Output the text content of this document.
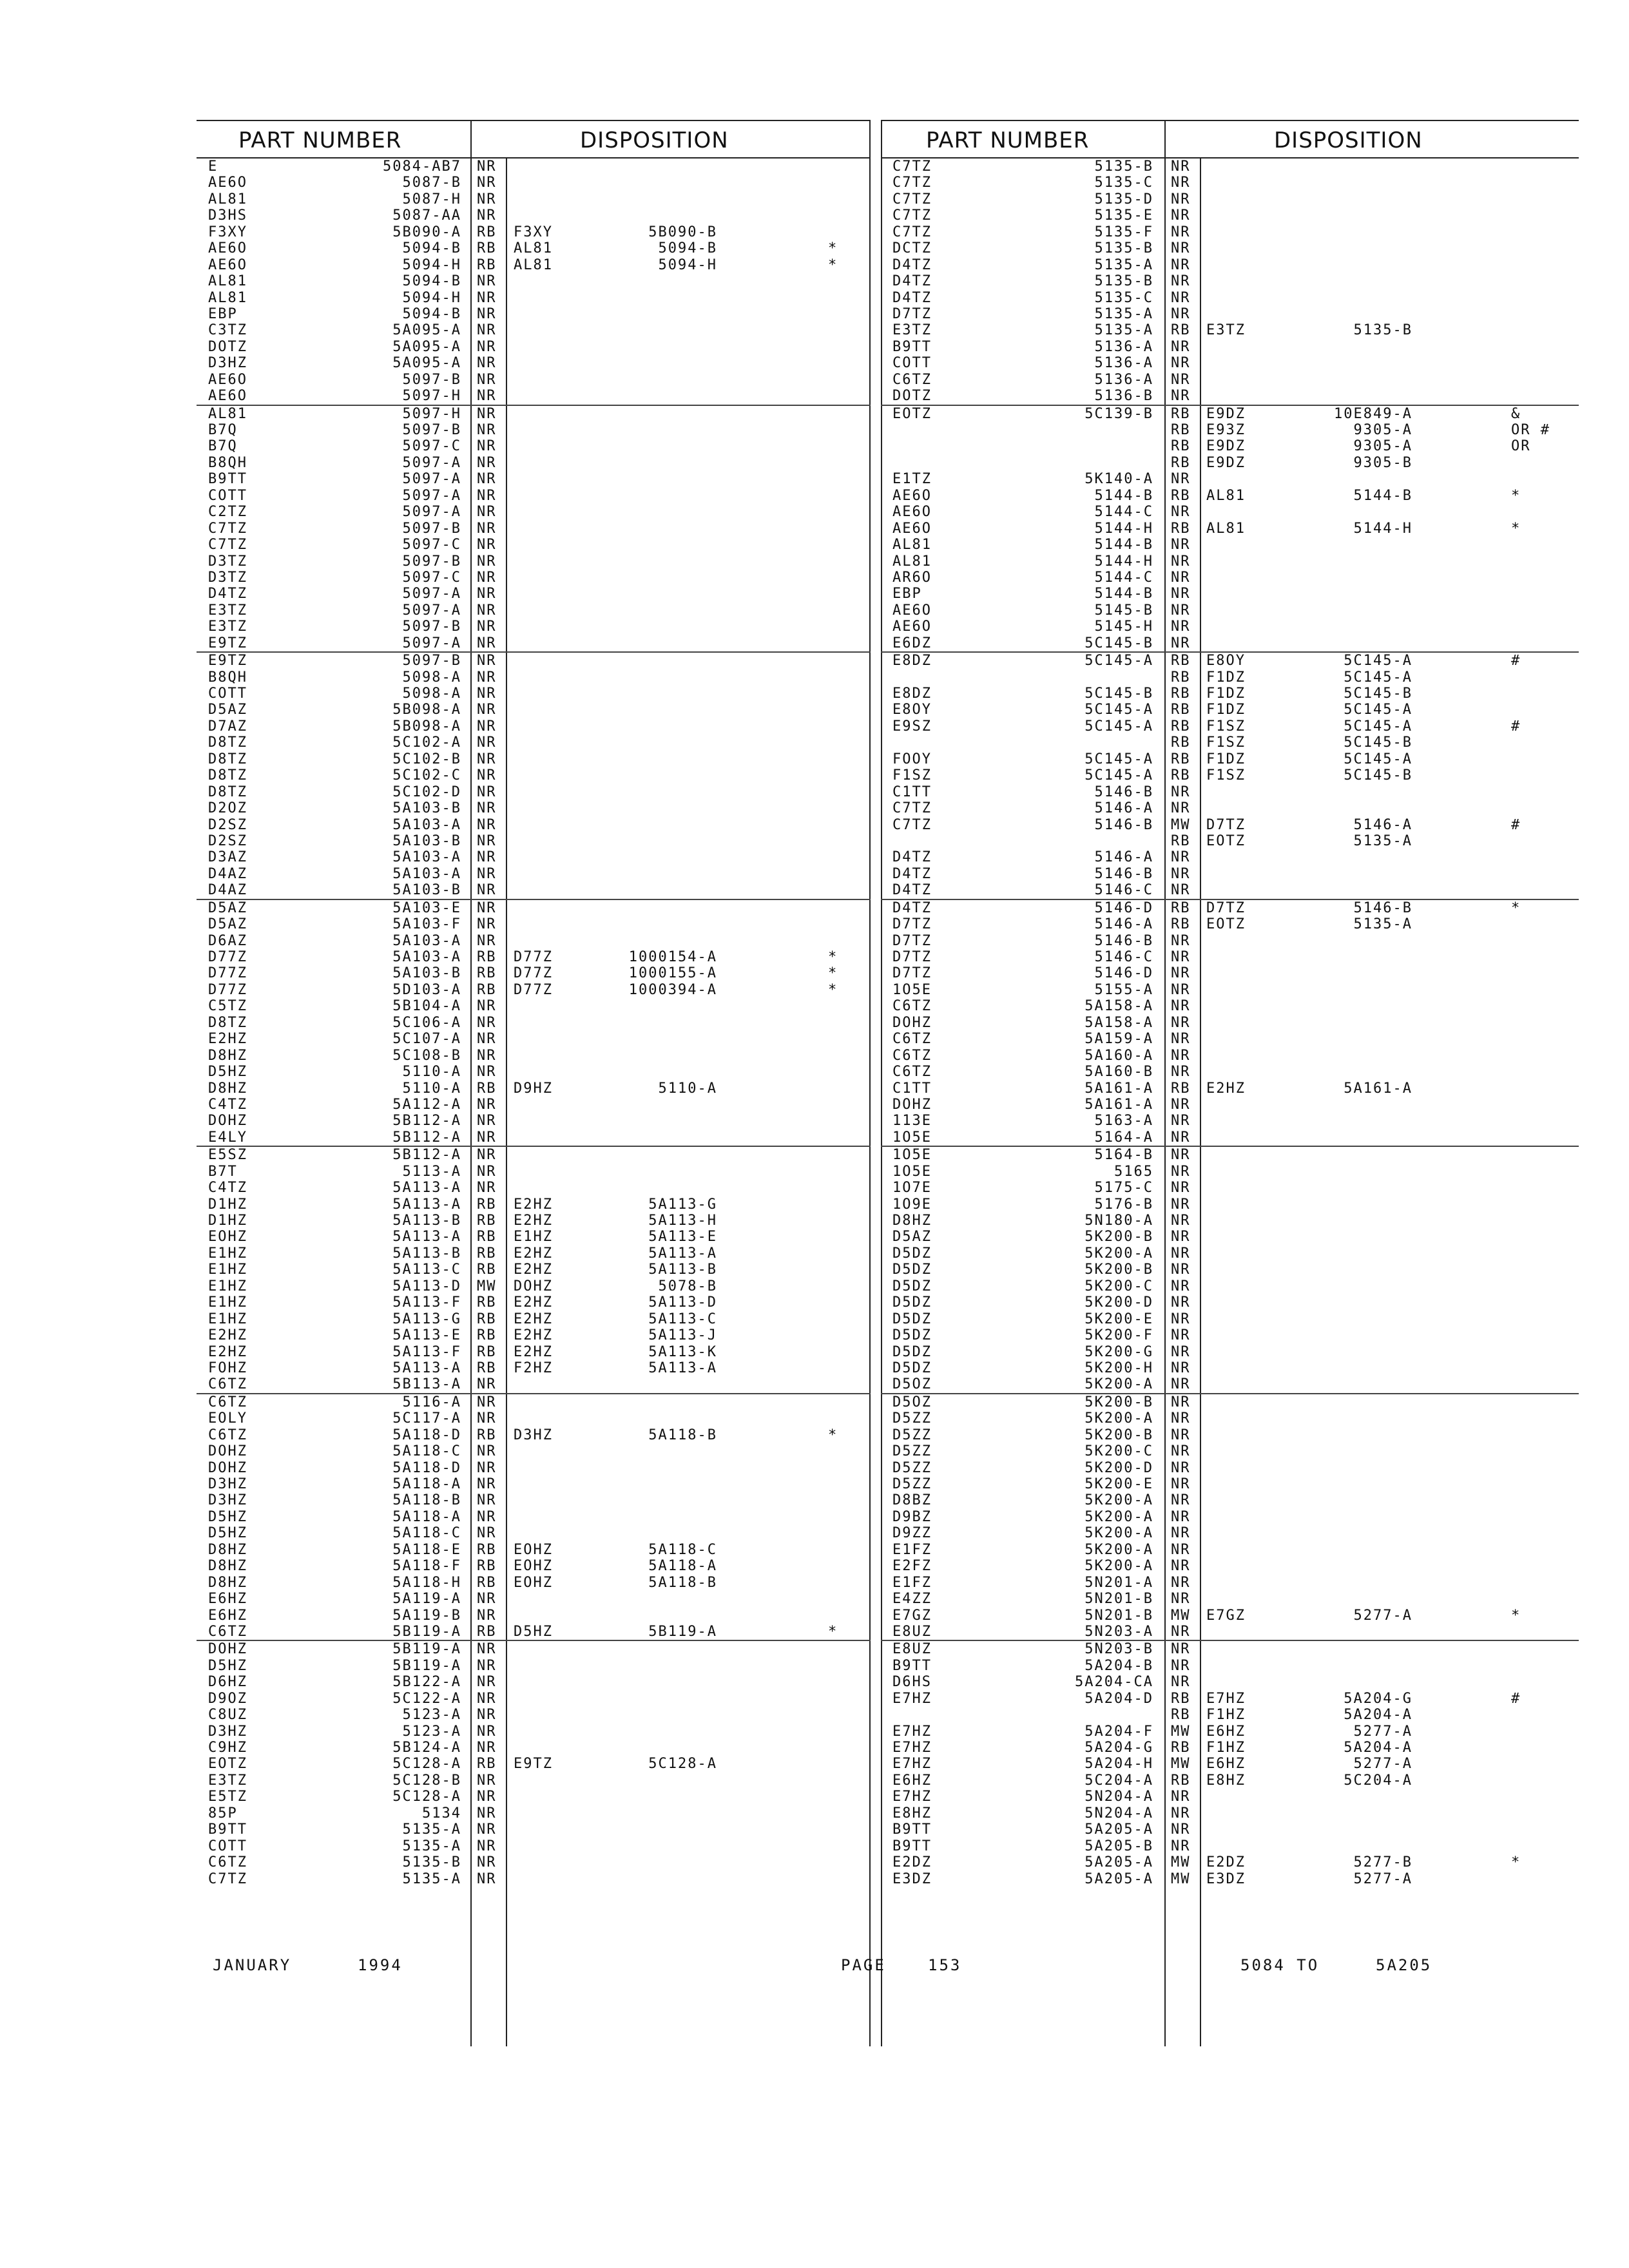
PART NUMBER	DISPOSITION
E	5084-AB7 NR
AE6O	5087-B NR
AL81	5087-H NR
D3HS	5087-AA NR
F3XY	5B090-A RB F3XY	5B090-B
AE6O	5094-B RB AL81	5094-B	*
AE6O	5094-H RB AL81	5094-H	*
AL81	5094-B NR
AL81	5094-H NR
EBP	5094-B NR
C3TZ	5A095-A NR
DOTZ	5A095-A NR
D3HZ	5A095-A NR
AE6O	5097-B NR
AE6O	5097-H NR
AL81	5097-H NR
B7Q	5097-B NR
B7Q	5097-C NR
B8QH	5097-A NR
B9TT	5097-A NR
COTT	5097-A NR
C2TZ	5097-A NR
C7TZ	5097-B NR
C7TZ	5097-C NR
D3TZ	5097-B NR
D3TZ	5097-C NR
D4TZ	5097-A NR
E3TZ	5097-A NR
E3TZ	5097-B NR
E9TZ	5097-A NR
E9TZ	5097-B NR
B8QH	5098-A NR
COTT	5098-A NR
D5AZ	5B098-A NR
D7AZ	5B098-A NR
D8TZ	5C102-A NR
D8TZ	5C102-B NR
D8TZ	5C102-C NR
D8TZ	5C102-D NR
D2OZ	5A103-B NR
D2SZ	5A103-A NR
D2SZ	5A103-B NR
D3AZ	5A103-A NR
D4AZ	5A103-A NR
D4AZ	5A103-B NR
D5AZ	5A103-E NR
D5AZ	5A103-F NR
D6AZ	5A103-A NR
D77Z	5A103-A RB D77Z	1000154-A	*
D77Z	5A103-B RB D77Z	1000155-A	*
D77Z	5D103-A RB D77Z	1000394-A	*
C5TZ	5B104-A NR
D8TZ	5C106-A NR
E2HZ	5C107-A NR
D8HZ	5C108-B NR
D5HZ	5110-A NR
D8HZ	5110-A RB D9HZ	5110-A
C4TZ	5A112-A NR
DOHZ	5B112-A NR
E4LY	5B112-A NR
E5SZ	5B112-A NR
B7T	5113-A NR
C4TZ	5A113-A NR
D1HZ	5A113-A RB E2HZ	5A113-G
D1HZ	5A113-B RB E2HZ	5A113-H
EOHZ	5A113-A RB E1HZ	5A113-E
E1HZ	5A113-B RB E2HZ	5A113-A
E1HZ	5A113-C RB E2HZ	5A113-B
E1HZ	5A113-D MW DOHZ	5078-B
E1HZ	5A113-F RB E2HZ	5A113-D
E1HZ	5A113-G RB E2HZ	5A113-C
E2HZ	5A113-E RB E2HZ	5A113-J
E2HZ	5A113-F RB E2HZ	5A113-K
FOHZ	5A113-A RB F2HZ	5A113-A
C6TZ	5B113-A NR
C6TZ	5116-A NR
EOLY	5C117-A NR
C6TZ	5A118-D RB D3HZ	5A118-B	*
DOHZ	5A118-C NR
DOHZ	5A118-D NR
D3HZ	5A118-A NR
D3HZ	5A118-B NR
D5HZ	5A118-A NR
D5HZ	5A118-C NR
D8HZ	5A118-E RB EOHZ	5A118-C
D8HZ	5A118-F RB EOHZ	5A118-A
D8HZ	5A118-H RB EOHZ	5A118-B
E6HZ	5A119-A NR
E6HZ	5A119-B NR
C6TZ	5B119-A RB D5HZ	5B119-A	*
DOHZ	5B119-A NR
D5HZ	5B119-A NR
D6HZ	5B122-A NR
D9OZ	5C122-A NR
C8UZ	5123-A NR
D3HZ	5123-A NR
C9HZ	5B124-A NR
EOTZ	5C128-A RB E9TZ	5C128-A
E3TZ	5C128-B NR
E5TZ	5C128-A NR
85P	5134 NR
B9TT	5135-A NR
COTT	5135-A NR
C6TZ	5135-B NR
C7TZ	5135-A NR
PART NUMBER	DISPOSITION
C7TZ	5135-B NR
C7TZ	5135-C NR
C7TZ	5135-D NR
C7TZ	5135-E NR
C7TZ	5135-F NR
DCTZ	5135-B NR
D4TZ	5135-A NR
D4TZ	5135-B NR
D4TZ	5135-C NR
D7TZ	5135-A NR
E3TZ	5135-A RB E3TZ	5135-B
B9TT	5136-A NR
COTT	5136-A NR
C6TZ	5136-A NR
DOTZ	5136-B NR
EOTZ	5C139-B RB E9DZ	10E849-A	&
RB E93Z	9305-A	OR #
RB E9DZ	9305-A	OR
RB E9DZ	9305-B
E1TZ	5K140-A NR
AE6O	5144-B RB AL81	5144-B	*
AE6O	5144-C NR
AE6O	5144-H RB AL81	5144-H	*
AL81	5144-B NR
AL81	5144-H NR
AR6O	5144-C NR
EBP	5144-B NR
AE6O	5145-B NR
AE6O	5145-H NR
E6DZ	5C145-B NR
E8DZ	5C145-A RB E8OY	5C145-A	#
RB F1DZ	5C145-A
E8DZ	5C145-B RB F1DZ	5C145-B
E8OY	5C145-A RB F1DZ	5C145-A
E9SZ	5C145-A RB F1SZ	5C145-A	#
RB F1SZ	5C145-B
FOOY	5C145-A RB F1DZ	5C145-A
F1SZ	5C145-A RB F1SZ	5C145-B
C1TT	5146-B NR
C7TZ	5146-A NR
C7TZ	5146-B MW D7TZ	5146-A	#
RB EOTZ	5135-A
D4TZ	5146-A NR
D4TZ	5146-B NR
D4TZ	5146-C NR
D4TZ	5146-D RB D7TZ	5146-B	*
D7TZ	5146-A RB EOTZ	5135-A
D7TZ	5146-B NR
D7TZ	5146-C NR
D7TZ	5146-D NR
1O5E	5155-A NR
C6TZ	5A158-A NR
DOHZ	5A158-A NR
C6TZ	5A159-A NR
C6TZ	5A160-A NR
C6TZ	5A160-B NR
C1TT	5A161-A RB E2HZ	5A161-A
DOHZ	5A161-A NR
113E	5163-A NR
1O5E	5164-A NR
1O5E	5164-B NR
1O5E	5165 NR
1O7E	5175-C NR
1O9E	5176-B NR
D8HZ	5N180-A NR
D5AZ	5K200-B NR
D5DZ	5K200-A NR
D5DZ	5K200-B NR
D5DZ	5K200-C NR
D5DZ	5K200-D NR
D5DZ	5K200-E NR
D5DZ	5K200-F NR
D5DZ	5K200-G NR
D5DZ	5K200-H NR
D5OZ	5K200-A NR
D5OZ	5K200-B NR
D5ZZ	5K200-A NR
D5ZZ	5K200-B NR
D5ZZ	5K200-C NR
D5ZZ	5K200-D NR
D5ZZ	5K200-E NR
D8BZ	5K200-A NR
D9BZ	5K200-A NR
D9ZZ	5K200-A NR
E1FZ	5K200-A NR
E2FZ	5K200-A NR
E1FZ	5N201-A NR
E4ZZ	5N201-B NR
E7GZ	5N201-B MW E7GZ	5277-A	*
E8UZ	5N203-A NR
E8UZ	5N203-B NR
B9TT	5A204-B NR
D6HS	5A204-CA NR
E7HZ	5A204-D RB E7HZ	5A204-G	#
RB F1HZ	5A204-A
E7HZ	5A204-F MW E6HZ	5277-A
E7HZ	5A204-G RB F1HZ	5A204-A
E7HZ	5A204-H MW E6HZ	5277-A
E6HZ	5C204-A RB E8HZ	5C204-A
E7HZ	5N204-A NR
E8HZ	5N204-A NR
B9TT	5A205-A NR
B9TT	5A205-B NR
E2DZ	5A205-A MW E2DZ	5277-B	*
E3DZ	5A205-A MW E3DZ	5277-A
JANUARY	1994	PAGE	153	5084 TO	5A205
